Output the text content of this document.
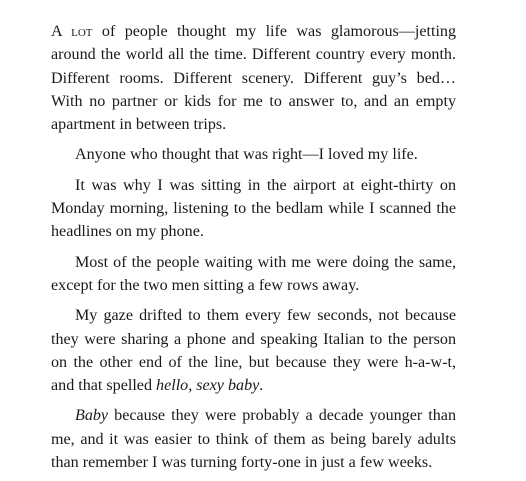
A lot of people thought my life was glamorous—jetting around the world all the time. Different country every month. Different rooms. Different scenery. Different guy’s bed… With no partner or kids for me to answer to, and an empty apartment in between trips.

Anyone who thought that was right—I loved my life.

It was why I was sitting in the airport at eight-thirty on Monday morning, listening to the bedlam while I scanned the headlines on my phone.

Most of the people waiting with me were doing the same, except for the two men sitting a few rows away.

My gaze drifted to them every few seconds, not because they were sharing a phone and speaking Italian to the person on the other end of the line, but because they were h-a-w-t, and that spelled hello, sexy baby.

Baby because they were probably a decade younger than me, and it was easier to think of them as being barely adults than remember I was turning forty-one in just a few weeks.
